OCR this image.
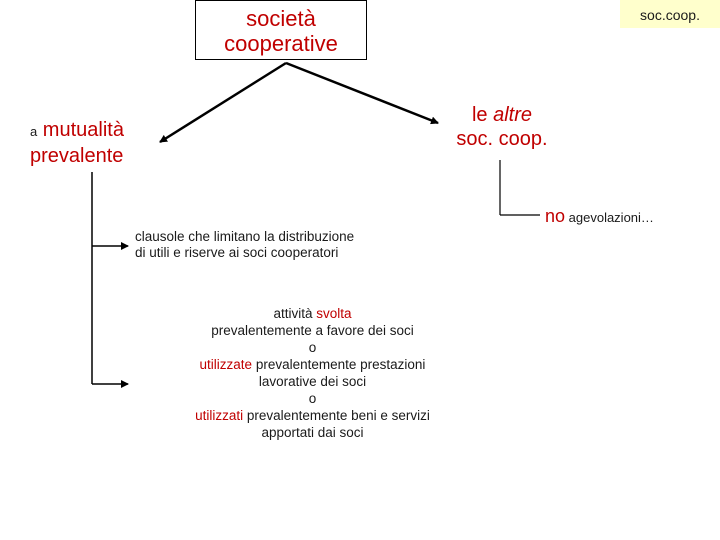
società
cooperative
soc.coop.
a mutualità
prevalente
le altre
soc. coop.
no agevolazioni…
clausole che limitano la distribuzione
di utili e riserve ai soci cooperatori
attività svolta
prevalentemente a favore dei soci
o
utilizzate prevalentemente prestazioni
lavorative dei soci
o
utilizzati prevalentemente beni e servizi
apportati dai soci
